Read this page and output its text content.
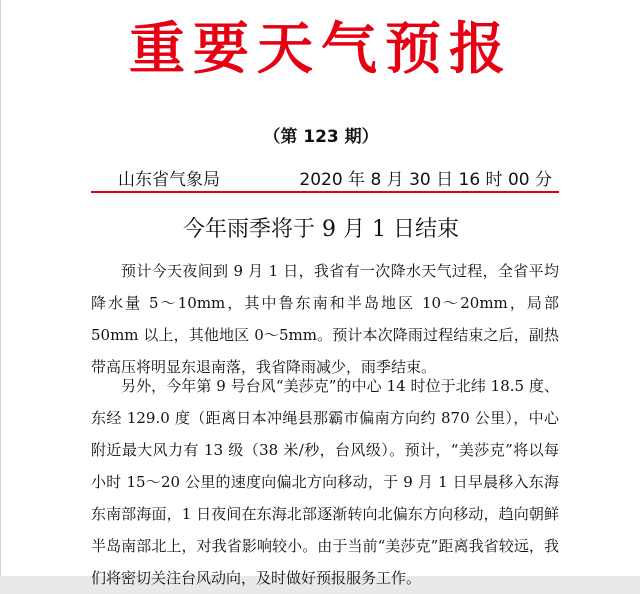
重要天气预报
（第 123 期）
山东省气象局	2020 年 8 月 30 日 16 时 00 分
今年雨季将于 9 月 1 日结束
预计今天夜间到 9 月 1 日，我省有一次降水天气过程，全省平均降水量 5～10mm，其中鲁东南和半岛地区 10～20mm，局部 50mm 以上，其他地区 0～5mm。预计本次降雨过程结束之后，副热带高压将明显东退南落，我省降雨减少，雨季结束。
另外，今年第 9 号台风“美莎克”的中心 14 时位于北纬 18.5 度、东经 129.0 度（距离日本冲绳县那霸市偏南方向约 870 公里），中心附近最大风力有 13 级（38 米/秒，台风级）。预计，“美莎克”将以每小时 15～20 公里的速度向偏北方向移动，于 9 月 1 日早晨移入东海东南部海面，1 日夜间在东海北部逐渐转向北偏东方向移动，趋向朝鲜半岛南部北上，对我省影响较小。由于当前“美莎克”距离我省较远，我们将密切关注台风动向，及时做好预报服务工作。
